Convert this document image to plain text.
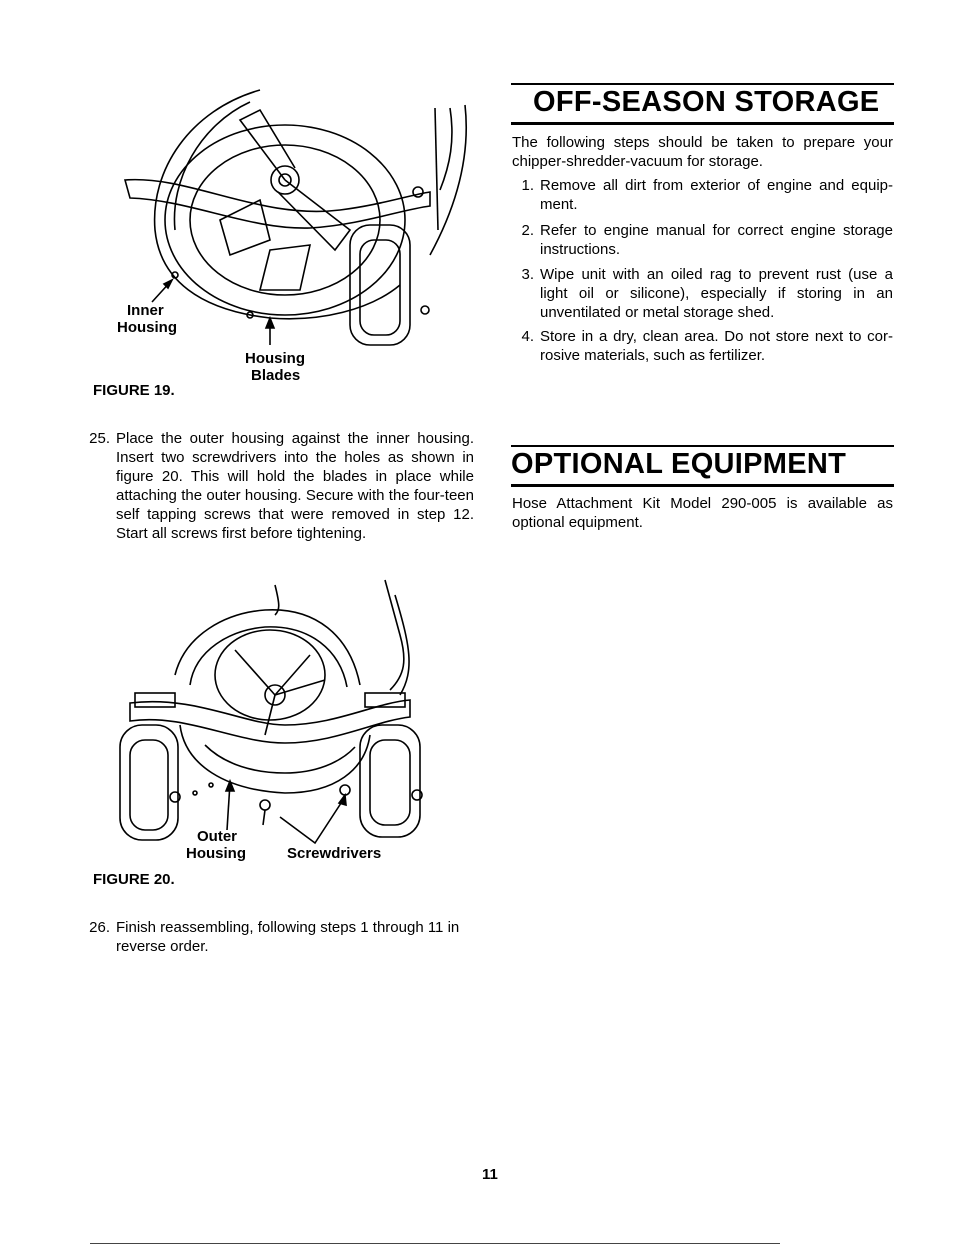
Inner
Housing
Housing
Blades
FIGURE 19.
25. Place the outer housing against the inner housing. Insert two screwdrivers into the holes as shown in figure 20. This will hold the blades in place while attaching the outer housing. Secure with the four-teen self tapping screws that were removed in step 12. Start all screws first before tightening.
Outer
Housing	Screwdrivers
FIGURE 20.
26. Finish reassembling, following steps 1 through 11 in reverse order.
OFF-SEASON STORAGE
The following steps should be taken to prepare your chipper-shredder-vacuum for storage.
1. Remove all dirt from exterior of engine and equip-ment.
2. Refer to engine manual for correct engine storage instructions.
3. Wipe unit with an oiled rag to prevent rust (use a light oil or silicone), especially if storing in an unventilated or metal storage shed.
4. Store in a dry, clean area. Do not store next to cor-rosive materials, such as fertilizer.
OPTIONAL EQUIPMENT
Hose Attachment Kit Model 290-005 is available as optional equipment.
11
